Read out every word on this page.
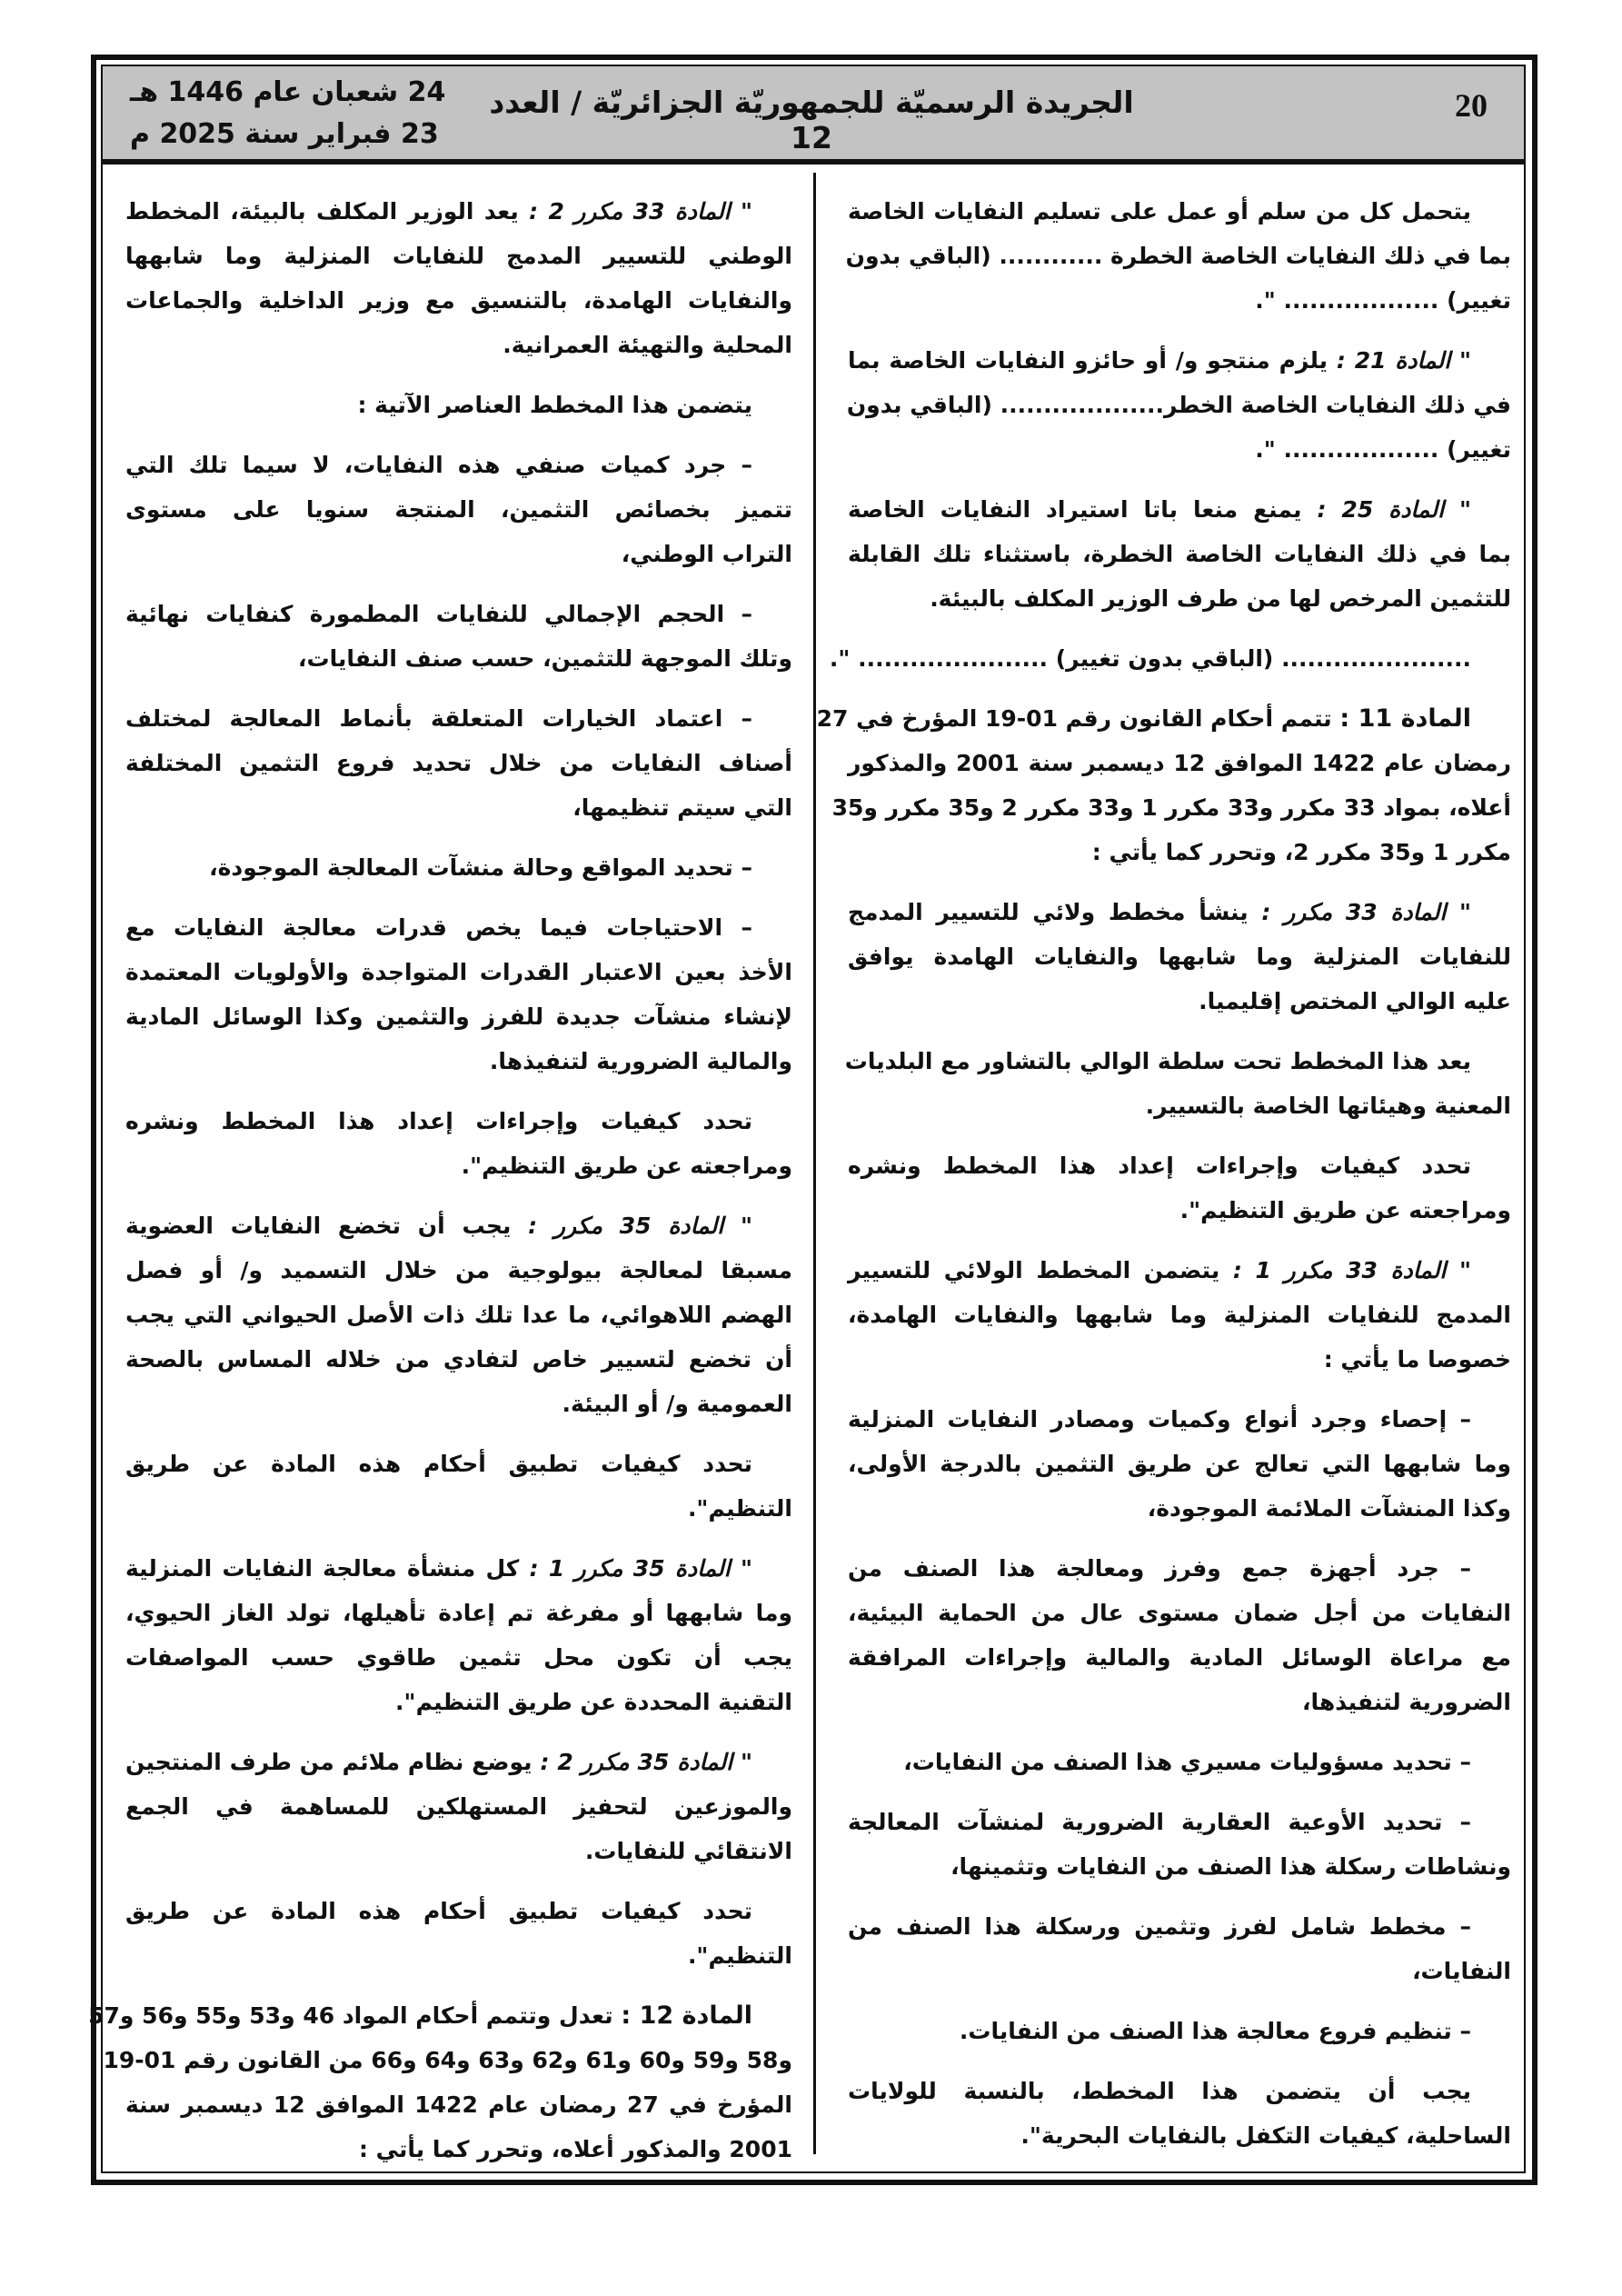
20
الجريدة الرسميّة للجمهوريّة الجزائريّة / العدد 12
24 شعبان عام 1446 هـ
23 فبراير سنة 2025 م
يتحمل كل من سلم أو عمل على تسليم النفايات الخاصة
بما في ذلك النفايات الخاصة الخطرة ............ (الباقي بدون
تغيير) .................. ".
" المادة 21 : يلزم منتجو و/ أو حائزو النفايات الخاصة بما
في ذلك النفايات الخاصة الخطر................... (الباقي بدون
تغيير) .................. ".
" المادة 25 : يمنع منعا باتا استيراد النفايات الخاصة
بما في ذلك النفايات الخاصة الخطرة، باستثناء تلك القابلة
للتثمين المرخص لها من طرف الوزير المكلف بالبيئة.
...................... (الباقي بدون تغيير) ...................... ".
المادة 11 : تتمم أحكام القانون رقم 01-19 المؤرخ في 27
رمضان عام 1422 الموافق 12 ديسمبر سنة 2001 والمذكور
أعلاه، بمواد 33 مكرر و33 مكرر 1 و33 مكرر 2 و35 مكرر و35
مكرر 1 و35 مكرر 2، وتحرر كما يأتي :
" المادة 33 مكرر : ينشأ مخطط ولائي للتسيير المدمج
للنفايات المنزلية وما شابهها والنفايات الهامدة يوافق
عليه الوالي المختص إقليميا.
يعد هذا المخطط تحت سلطة الوالي بالتشاور مع البلديات
المعنية وهيئاتها الخاصة بالتسيير.
تحدد كيفيات وإجراءات إعداد هذا المخطط ونشره
ومراجعته عن طريق التنظيم".
" المادة 33 مكرر 1 : يتضمن المخطط الولائي للتسيير
المدمج للنفايات المنزلية وما شابهها والنفايات الهامدة،
خصوصا ما يأتي :
– إحصاء وجرد أنواع وكميات ومصادر النفايات المنزلية
وما شابهها التي تعالج عن طريق التثمين بالدرجة الأولى،
وكذا المنشآت الملائمة الموجودة،
– جرد أجهزة جمع وفرز ومعالجة هذا الصنف من
النفايات من أجل ضمان مستوى عال من الحماية البيئية،
مع مراعاة الوسائل المادية والمالية وإجراءات المرافقة
الضرورية لتنفيذها،
– تحديد مسؤوليات مسيري هذا الصنف من النفايات،
– تحديد الأوعية العقارية الضرورية لمنشآت المعالجة
ونشاطات رسكلة هذا الصنف من النفايات وتثمينها،
– مخطط شامل لفرز وتثمين ورسكلة هذا الصنف من
النفايات،
– تنظيم فروع معالجة هذا الصنف من النفايات.
يجب أن يتضمن هذا المخطط، بالنسبة للولايات
الساحلية، كيفيات التكفل بالنفايات البحرية".
" المادة 33 مكرر 2 : يعد الوزير المكلف بالبيئة، المخطط
الوطني للتسيير المدمج للنفايات المنزلية وما شابهها
والنفايات الهامدة، بالتنسيق مع وزير الداخلية والجماعات
المحلية والتهيئة العمرانية.
يتضمن هذا المخطط العناصر الآتية :
– جرد كميات صنفي هذه النفايات، لا سيما تلك التي
تتميز بخصائص التثمين، المنتجة سنويا على مستوى
التراب الوطني،
– الحجم الإجمالي للنفايات المطمورة كنفايات نهائية
وتلك الموجهة للتثمين، حسب صنف النفايات،
– اعتماد الخيارات المتعلقة بأنماط المعالجة لمختلف
أصناف النفايات من خلال تحديد فروع التثمين المختلفة
التي سيتم تنظيمها،
– تحديد المواقع وحالة منشآت المعالجة الموجودة،
– الاحتياجات فيما يخص قدرات معالجة النفايات مع
الأخذ بعين الاعتبار القدرات المتواجدة والأولويات المعتمدة
لإنشاء منشآت جديدة للفرز والتثمين وكذا الوسائل المادية
والمالية الضرورية لتنفيذها.
تحدد كيفيات وإجراءات إعداد هذا المخطط ونشره
ومراجعته عن طريق التنظيم".
" المادة 35 مكرر : يجب أن تخضع النفايات العضوية
مسبقا لمعالجة بيولوجية من خلال التسميد و/ أو فصل
الهضم اللاهوائي، ما عدا تلك ذات الأصل الحيواني التي يجب
أن تخضع لتسيير خاص لتفادي من خلاله المساس بالصحة
العمومية و/ أو البيئة.
تحدد كيفيات تطبيق أحكام هذه المادة عن طريق
التنظيم".
" المادة 35 مكرر 1 : كل منشأة معالجة النفايات المنزلية
وما شابهها أو مفرغة تم إعادة تأهيلها، تولد الغاز الحيوي،
يجب أن تكون محل تثمين طاقوي حسب المواصفات
التقنية المحددة عن طريق التنظيم".
" المادة 35 مكرر 2 : يوضع نظام ملائم من طرف المنتجين
والموزعين لتحفيز المستهلكين للمساهمة في الجمع
الانتقائي للنفايات.
تحدد كيفيات تطبيق أحكام هذه المادة عن طريق
التنظيم".
المادة 12 : تعدل وتتمم أحكام المواد 46 و53 و55 و56 و57
و58 و59 و60 و61 و62 و63 و64 و66 من القانون رقم 01-19
المؤرخ في 27 رمضان عام 1422 الموافق 12 ديسمبر سنة
2001 والمذكور أعلاه، وتحرر كما يأتي :
